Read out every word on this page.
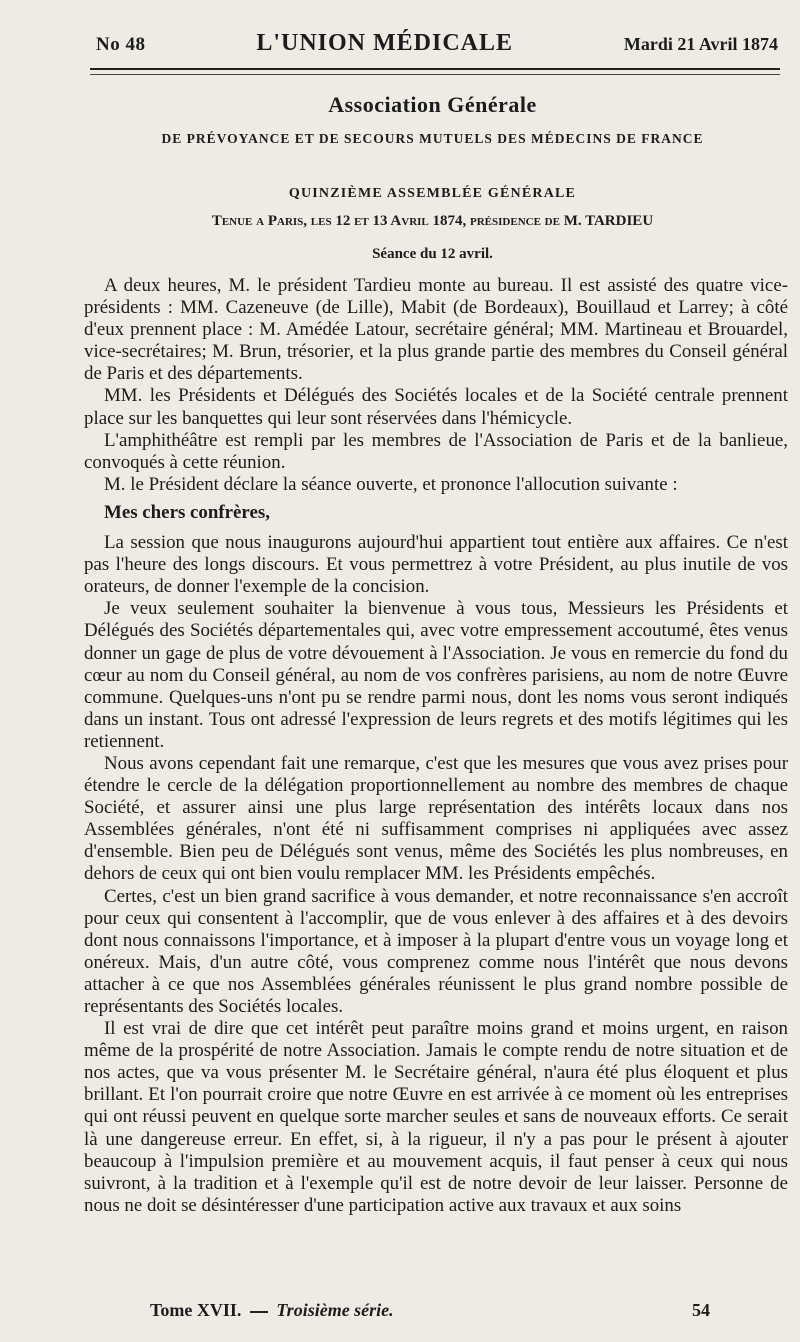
No 48	L'UNION MÉDICALE	Mardi 21 Avril 1874
Association Générale
DE PRÉVOYANCE ET DE SECOURS MUTUELS DES MÉDECINS DE FRANCE
QUINZIÈME ASSEMBLÉE GÉNÉRALE
Tenue a Paris, les 12 et 13 Avril 1874, présidence de M. TARDIEU
Séance du 12 avril.

A deux heures, M. le président Tardieu monte au bureau. Il est assisté des quatre vice-présidents : MM. Cazeneuve (de Lille), Mabit (de Bordeaux), Bouillaud et Larrey; à côté d'eux prennent place : M. Amédée Latour, secrétaire général; MM. Martineau et Brouardel, vice-secrétaires; M. Brun, trésorier, et la plus grande partie des membres du Conseil général de Paris et des départements.

MM. les Présidents et Délégués des Sociétés locales et de la Société centrale prennent place sur les banquettes qui leur sont réservées dans l'hémicycle.

L'amphithéâtre est rempli par les membres de l'Association de Paris et de la banlieue, convoqués à cette réunion.

M. le Président déclare la séance ouverte, et prononce l'allocution suivante :

Mes chers confrères,

La session que nous inaugurons aujourd'hui appartient tout entière aux affaires. Ce n'est pas l'heure des longs discours. Et vous permettrez à votre Président, au plus inutile de vos orateurs, de donner l'exemple de la concision.

Je veux seulement souhaiter la bienvenue à vous tous, Messieurs les Présidents et Délégués des Sociétés départementales qui, avec votre empressement accoutumé, êtes venus donner un gage de plus de votre dévouement à l'Association. Je vous en remercie du fond du cœur au nom du Conseil général, au nom de vos confrères parisiens, au nom de notre Œuvre commune. Quelques-uns n'ont pu se rendre parmi nous, dont les noms vous seront indiqués dans un instant. Tous ont adressé l'expression de leurs regrets et des motifs légitimes qui les retiennent.

Nous avons cependant fait une remarque, c'est que les mesures que vous avez prises pour étendre le cercle de la délégation proportionnellement au nombre des membres de chaque Société, et assurer ainsi une plus large représentation des intérêts locaux dans nos Assemblées générales, n'ont été ni suffisamment comprises ni appliquées avec assez d'ensemble. Bien peu de Délégués sont venus, même des Sociétés les plus nombreuses, en dehors de ceux qui ont bien voulu remplacer MM. les Présidents empêchés.

Certes, c'est un bien grand sacrifice à vous demander, et notre reconnaissance s'en accroît pour ceux qui consentent à l'accomplir, que de vous enlever à des affaires et à des devoirs dont nous connaissons l'importance, et à imposer à la plupart d'entre vous un voyage long et onéreux. Mais, d'un autre côté, vous comprenez comme nous l'intérêt que nous devons attacher à ce que nos Assemblées générales réunissent le plus grand nombre possible de représentants des Sociétés locales.

Il est vrai de dire que cet intérêt peut paraître moins grand et moins urgent, en raison même de la prospérité de notre Association. Jamais le compte rendu de notre situation et de nos actes, que va vous présenter M. le Secrétaire général, n'aura été plus éloquent et plus brillant. Et l'on pourrait croire que notre Œuvre en est arrivée à ce moment où les entreprises qui ont réussi peuvent en quelque sorte marcher seules et sans de nouveaux efforts. Ce serait là une dangereuse erreur. En effet, si, à la rigueur, il n'y a pas pour le présent à ajouter beaucoup à l'impulsion première et au mouvement acquis, il faut penser à ceux qui nous suivront, à la tradition et à l'exemple qu'il est de notre devoir de leur laisser. Personne de nous ne doit se désintéresser d'une participation active aux travaux et aux soins

Tome XVII. Troisième série.	54
